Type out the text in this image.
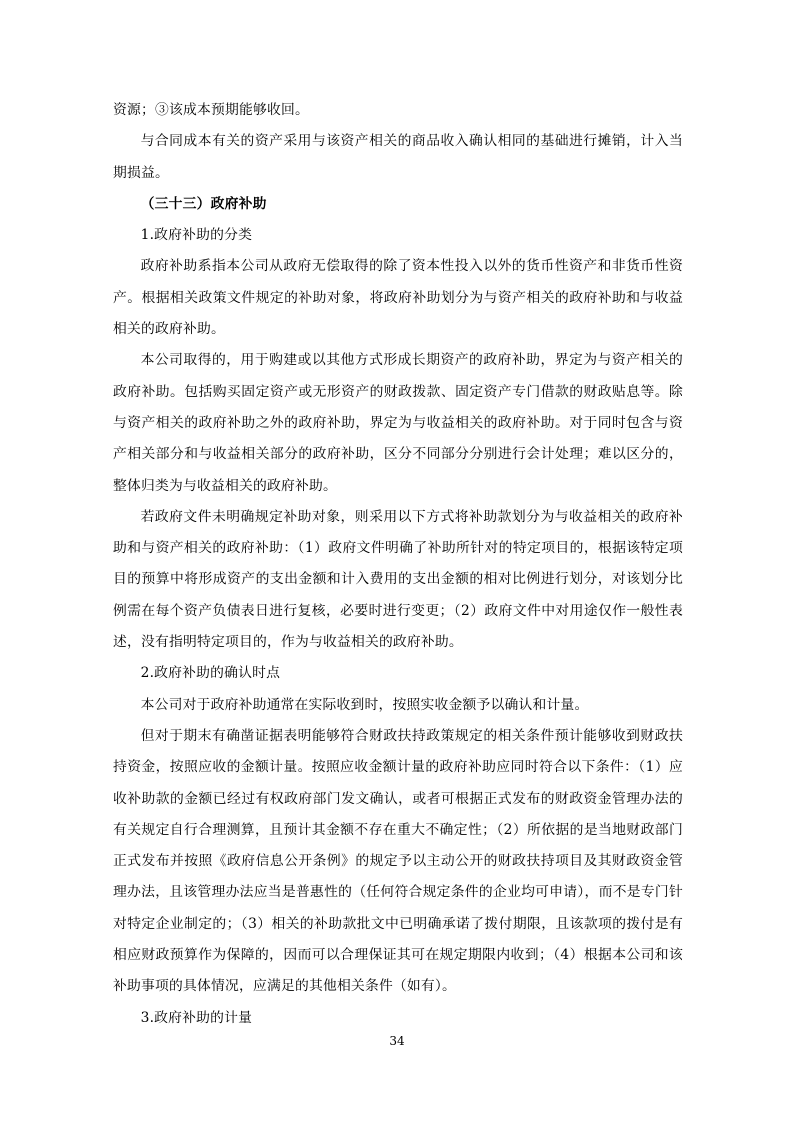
资源；③该成本预期能够收回。

与合同成本有关的资产采用与该资产相关的商品收入确认相同的基础进行摊销，计入当期损益。

（三十三）政府补助

1.政府补助的分类

政府补助系指本公司从政府无偿取得的除了资本性投入以外的货币性资产和非货币性资产。根据相关政策文件规定的补助对象，将政府补助划分为与资产相关的政府补助和与收益相关的政府补助。

本公司取得的，用于购建或以其他方式形成长期资产的政府补助，界定为与资产相关的政府补助。包括购买固定资产或无形资产的财政拨款、固定资产专门借款的财政贴息等。除与资产相关的政府补助之外的政府补助，界定为与收益相关的政府补助。对于同时包含与资产相关部分和与收益相关部分的政府补助，区分不同部分分别进行会计处理；难以区分的，整体归类为与收益相关的政府补助。

若政府文件未明确规定补助对象，则采用以下方式将补助款划分为与收益相关的政府补助和与资产相关的政府补助：（1）政府文件明确了补助所针对的特定项目的，根据该特定项目的预算中将形成资产的支出金额和计入费用的支出金额的相对比例进行划分，对该划分比例需在每个资产负债表日进行复核，必要时进行变更；（2）政府文件中对用途仅作一般性表述，没有指明特定项目的，作为与收益相关的政府补助。

2.政府补助的确认时点

本公司对于政府补助通常在实际收到时，按照实收金额予以确认和计量。

但对于期末有确凿证据表明能够符合财政扶持政策规定的相关条件预计能够收到财政扶持资金，按照应收的金额计量。按照应收金额计量的政府补助应同时符合以下条件：（1）应收补助款的金额已经过有权政府部门发文确认，或者可根据正式发布的财政资金管理办法的有关规定自行合理测算，且预计其金额不存在重大不确定性；（2）所依据的是当地财政部门正式发布并按照《政府信息公开条例》的规定予以主动公开的财政扶持项目及其财政资金管理办法，且该管理办法应当是普惠性的（任何符合规定条件的企业均可申请），而不是专门针对特定企业制定的；（3）相关的补助款批文中已明确承诺了拨付期限，且该款项的拨付是有相应财政预算作为保障的，因而可以合理保证其可在规定期限内收到；（4）根据本公司和该补助事项的具体情况，应满足的其他相关条件（如有）。

3.政府补助的计量

34
